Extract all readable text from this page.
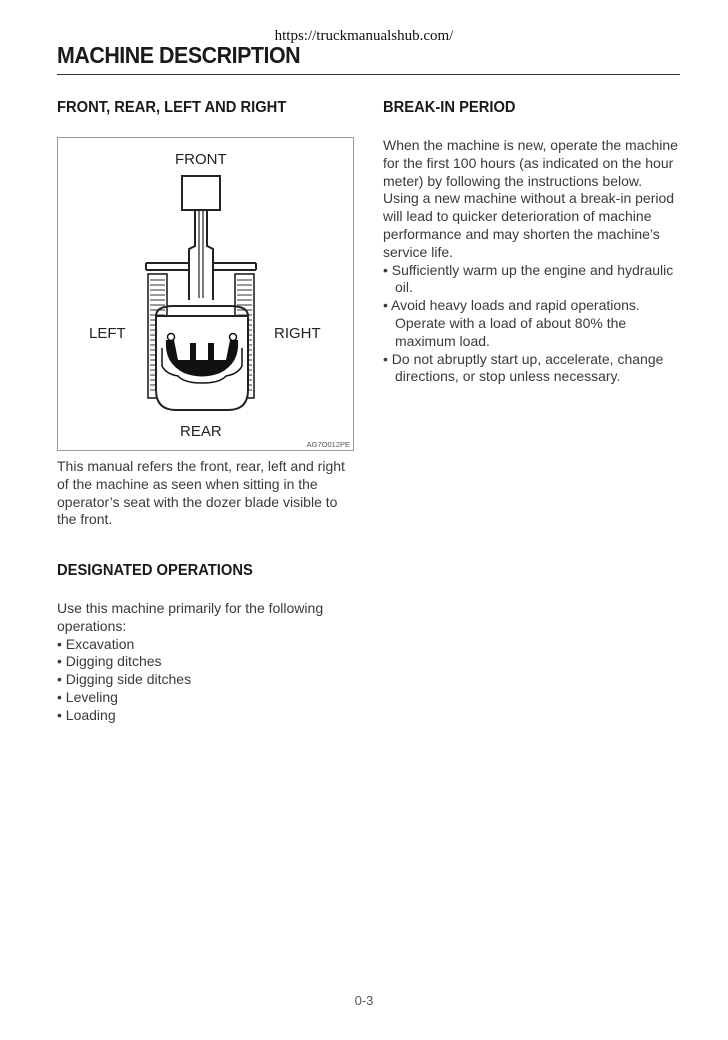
https://truckmanualshub.com/
MACHINE DESCRIPTION
FRONT, REAR, LEFT AND RIGHT
FRONT
LEFT	RIGHT
REAR
AG7O012PE

This manual refers the front, rear, left and right of the machine as seen when sitting in the operator’s seat with the dozer blade visible to the front.

DESIGNATED OPERATIONS

Use this machine primarily for the following operations:

• Excavation
• Digging ditches
• Digging side ditches
• Leveling
• Loading
BREAK-IN PERIOD

When the machine is new, operate the machine for the first 100 hours (as indicated on the hour meter) by following the instructions below.

Using a new machine without a break-in period will lead to quicker deterioration of machine performance and may shorten the machine’s service life.

• Sufficiently warm up the engine and hydraulic oil.
• Avoid heavy loads and rapid operations. Operate with a load of about 80% the maximum load.
• Do not abruptly start up, accelerate, change directions, or stop unless necessary.
0-3
